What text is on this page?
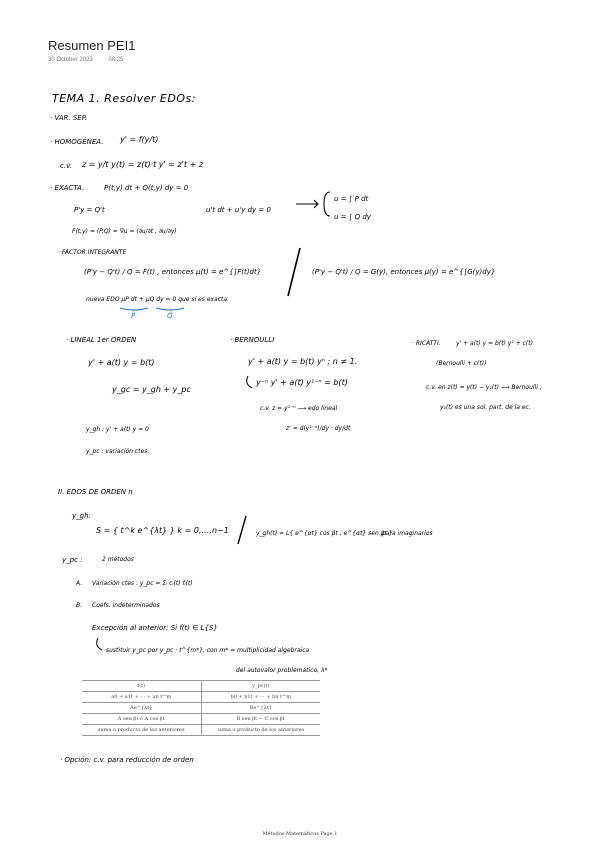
Resumen PEI1
30 October 2023	08:25
TEMA 1. Resolver EDOs:
· VAR. SEP.
· HOMOGÉNEA. y' = f(y/t)
c.v. z = y/t y(t) = z(t)·t y' = z't + z
· EXACTA.	P(t,y) dt + Q(t,y) dy = 0
P'y = Q't	u't dt + u'y dy = 0
u = ∫ P dt
u = ∫ Q dy
F(t,y) = (P,Q) = ∇u = (∂u/∂t , ∂u/∂y)
· FACTOR INTEGRANTE
(P'y − Q't) / Q = F(t) , entonces μ(t) = e^{∫F(t)dt}	(P'y − Q't) / Q = G(y), entonces μ(y) = e^{∫G(y)dy}
nueva EDO μP dt + μQ dy = 0 que sí es exacta.
P̃	Q̃
· LINEAL 1er ORDEN
y' + a(t) y = b(t)
y_gc = y_gh + y_pc
y_gh : y' + a(t) y = 0
y_pc : variación ctes.
· BERNOULLI
y' + a(t) y = b(t) yⁿ ; n ≠ 1.
y⁻ⁿ y' + a(t) y¹⁻ⁿ = b(t)
c.v. z = y¹⁻ⁿ ⟶ edo lineal
z' = d(y¹⁻ⁿ)/dy · dy/dt
· RICATTI.	y' + a(t) y = b(t) y² + c(t)
(Bernoulli + c(t))
c.v. en z(t) = y(t) − y₁(t) ⟶ Bernoulli ;
y₁(t) es una sol. part. de la ec.
II. EDOS DE ORDEN n
y_gh:
S = { t^k e^{λt} } k = 0,…,n−1	y_gh(t) = L{ e^{αt} cos βt , e^{αt} sen βt }
para imaginarios
y_pc :	2 métodos
A. Variación ctes : y_pc = Σᵢ cᵢ(t) fᵢ(t)
B. Coefs. indeterminados
Excepción al anterior: Si f(t) ∈ L{S}
sustituir y_pc por y_pc · t^{m*}, con m* = multiplicidad algebraica
del autovalor problemático, λ*
f(t)	y_pc(t)
a0 + a1t + ··· + an t^m	b0 + b1t + ··· + bn t^m
Ae^{λt}	Be^{λt}
A sen βt ó A cos βt	B sen βt − C cos βt
suma o producto de los anteriores	suma o producto de los anteriores
· Opción: c.v. para reducción de orden
Métodos Matemáticos Page 1
